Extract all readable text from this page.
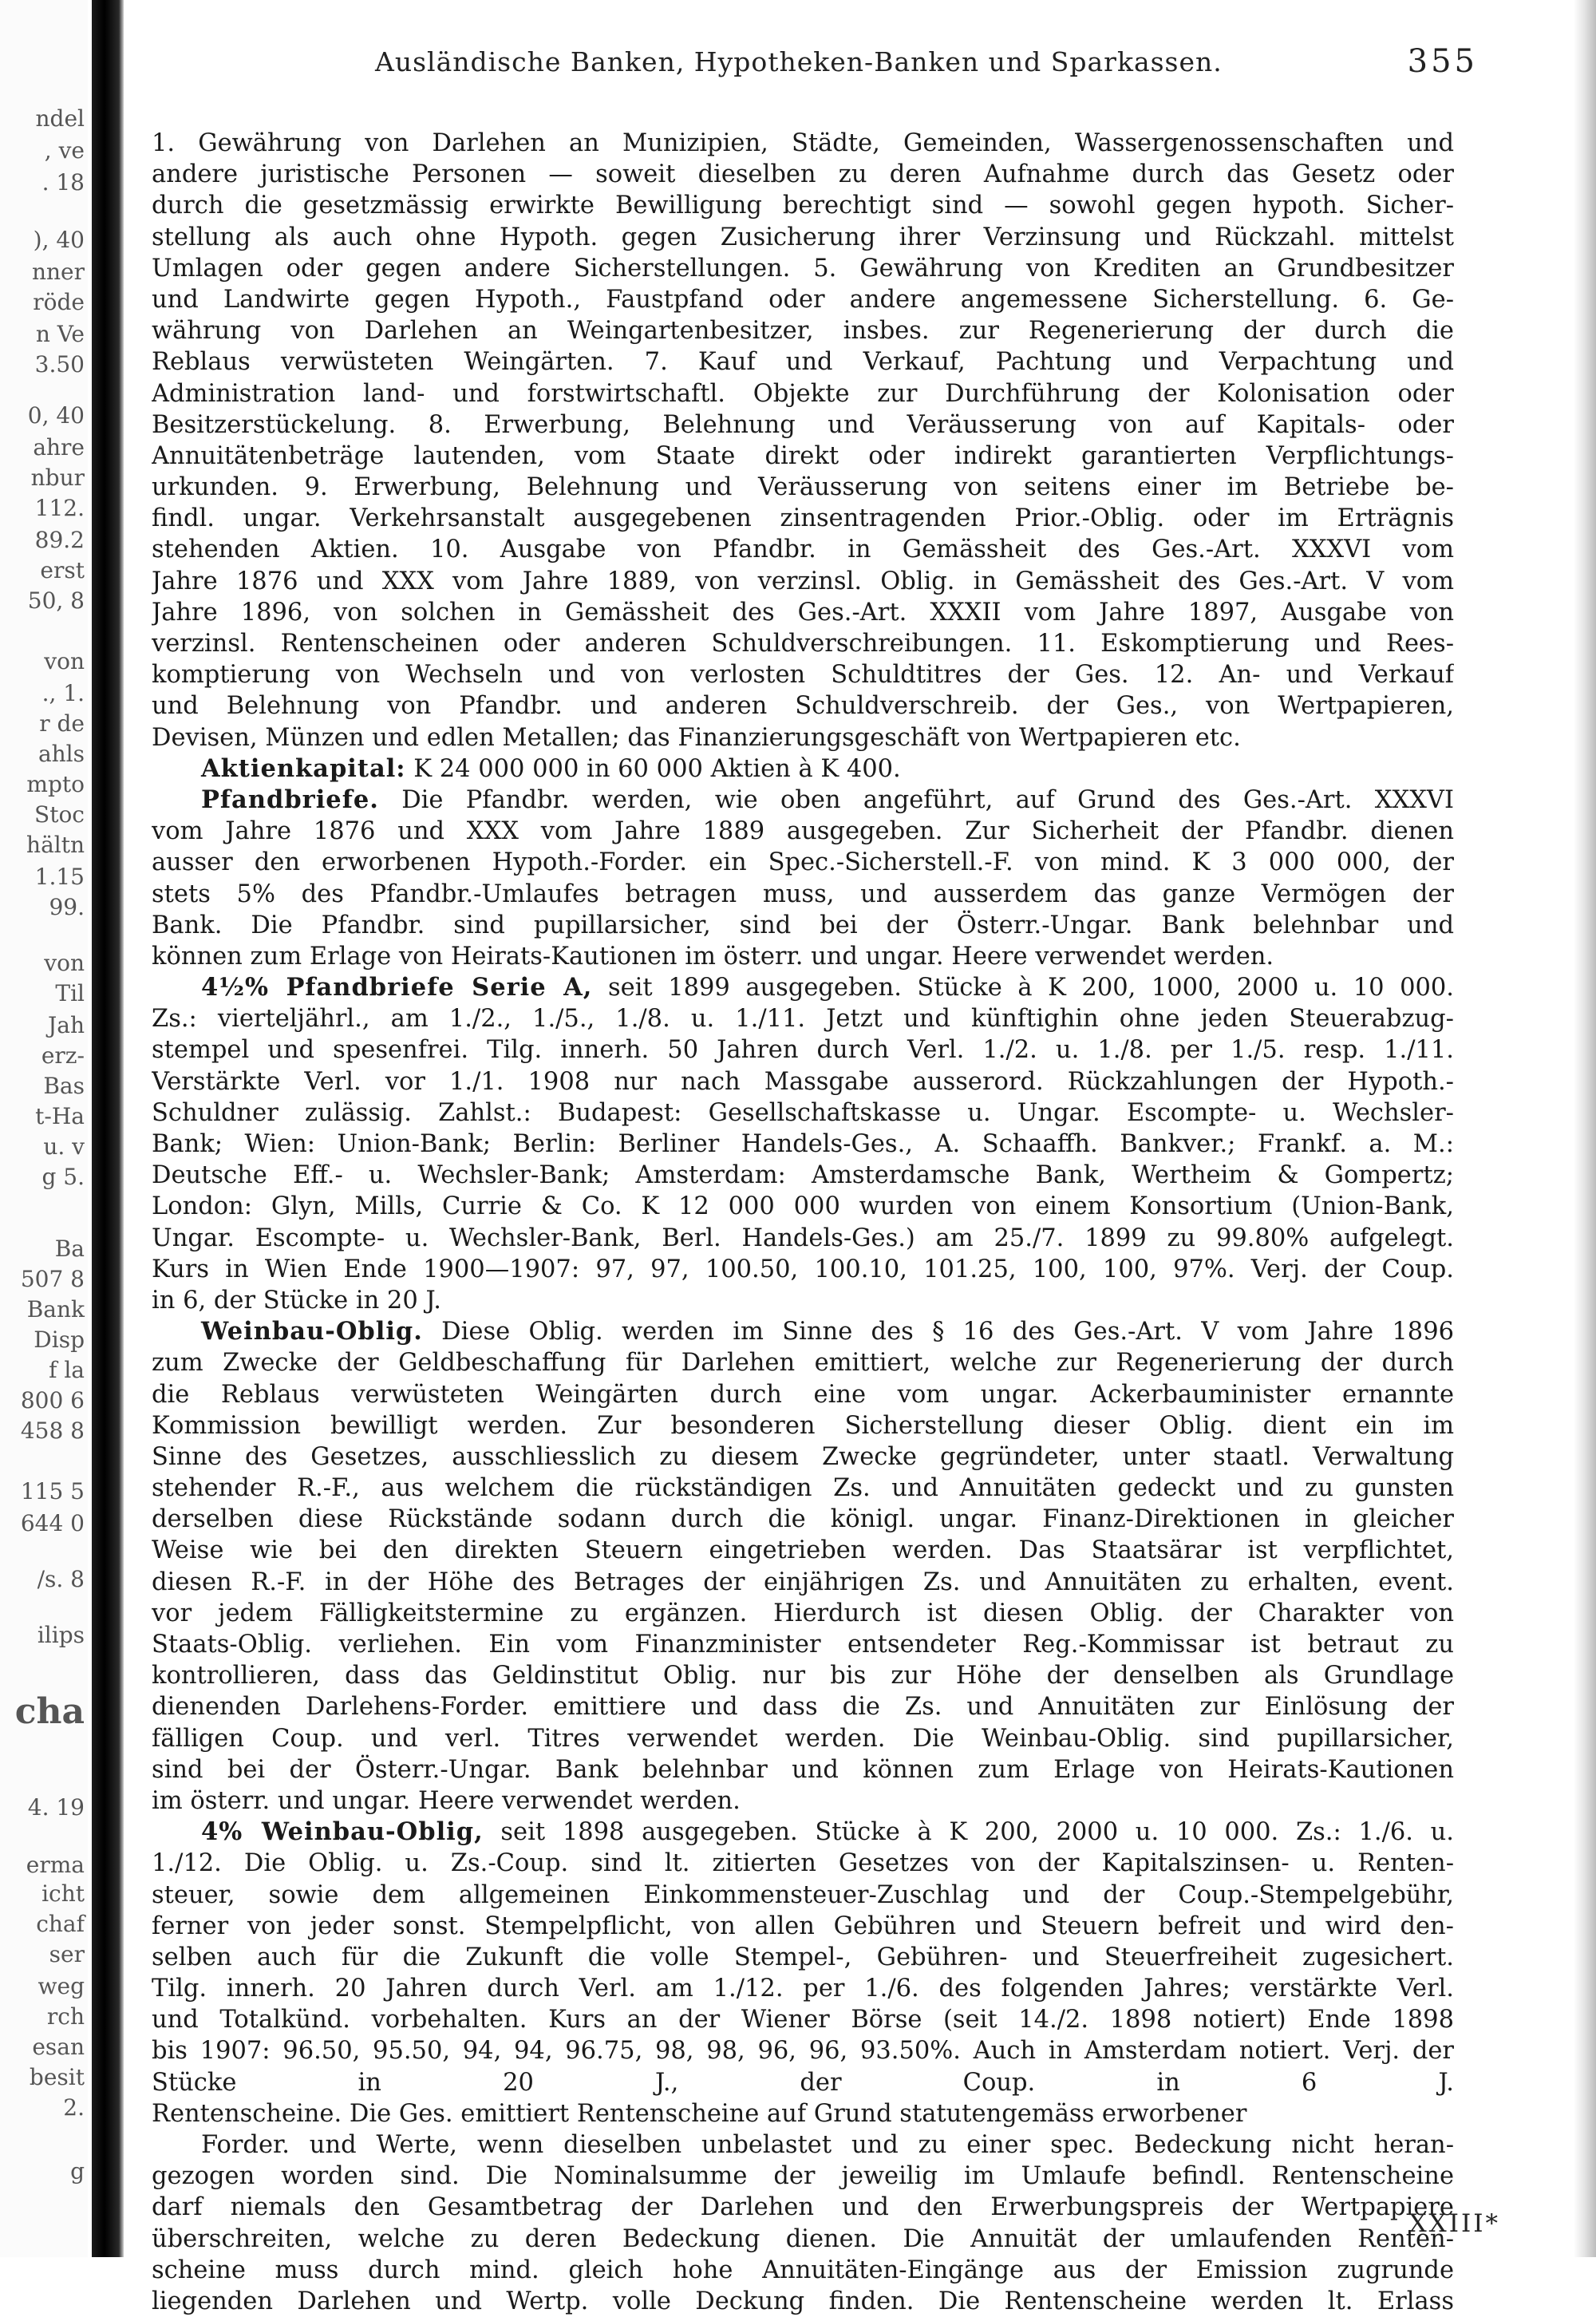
ndel
, ve
. 18
), 40
nner
röde
n Ve
3.50
0, 40
ahre
nbur
112.
89.2
erst
50, 8
von
., 1.
r de
ahls
mpto
Stoc
hältn
1.15
99.
von
Til
Jah
erz-
Bas
t-Ha
u. v
g 5.
Ba
507 8
Bank
Disp
f la
800 6
458 8
115 5
644 0
/s. 8
ilips
cha
4. 19
erma
icht
chaf
ser
weg
rch
esan
besit
2.
g
Ausländische Banken, Hypotheken-Banken und Sparkassen.	355
1. Gewährung von Darlehen an Munizipien, Städte, Gemeinden, Wassergenossenschaften und
andere juristische Personen — soweit dieselben zu deren Aufnahme durch das Gesetz oder
durch die gesetzmässig erwirkte Bewilligung berechtigt sind — sowohl gegen hypoth. Sicher-
stellung als auch ohne Hypoth. gegen Zusicherung ihrer Verzinsung und Rückzahl. mittelst
Umlagen oder gegen andere Sicherstellungen. 5. Gewährung von Krediten an Grundbesitzer
und Landwirte gegen Hypoth., Faustpfand oder andere angemessene Sicherstellung. 6. Ge-
währung von Darlehen an Weingartenbesitzer, insbes. zur Regenerierung der durch die
Reblaus verwüsteten Weingärten. 7. Kauf und Verkauf, Pachtung und Verpachtung und
Administration land- und forstwirtschaftl. Objekte zur Durchführung der Kolonisation oder
Besitzerstückelung. 8. Erwerbung, Belehnung und Veräusserung von auf Kapitals- oder
Annuitätenbeträge lautenden, vom Staate direkt oder indirekt garantierten Verpflichtungs-
urkunden. 9. Erwerbung, Belehnung und Veräusserung von seitens einer im Betriebe be-
findl. ungar. Verkehrsanstalt ausgegebenen zinsentragenden Prior.-Oblig. oder im Erträgnis
stehenden Aktien. 10. Ausgabe von Pfandbr. in Gemässheit des Ges.-Art. XXXVI vom
Jahre 1876 und XXX vom Jahre 1889, von verzinsl. Oblig. in Gemässheit des Ges.-Art. V vom
Jahre 1896, von solchen in Gemässheit des Ges.-Art. XXXII vom Jahre 1897, Ausgabe von
verzinsl. Rentenscheinen oder anderen Schuldverschreibungen. 11. Eskomptierung und Rees-
komptierung von Wechseln und von verlosten Schuldtitres der Ges. 12. An- und Verkauf
und Belehnung von Pfandbr. und anderen Schuldverschreib. der Ges., von Wertpapieren,
Devisen, Münzen und edlen Metallen; das Finanzierungsgeschäft von Wertpapieren etc.
Aktienkapital: K 24 000 000 in 60 000 Aktien à K 400.
Pfandbriefe. Die Pfandbr. werden, wie oben angeführt, auf Grund des Ges.-Art. XXXVI
vom Jahre 1876 und XXX vom Jahre 1889 ausgegeben. Zur Sicherheit der Pfandbr. dienen
ausser den erworbenen Hypoth.-Forder. ein Spec.-Sicherstell.-F. von mind. K 3 000 000, der
stets 5% des Pfandbr.-Umlaufes betragen muss, und ausserdem das ganze Vermögen der
Bank. Die Pfandbr. sind pupillarsicher, sind bei der Österr.-Ungar. Bank belehnbar und
können zum Erlage von Heirats-Kautionen im österr. und ungar. Heere verwendet werden.
4½% Pfandbriefe Serie A, seit 1899 ausgegeben. Stücke à K 200, 1000, 2000 u. 10 000.
Zs.: vierteljährl., am 1./2., 1./5., 1./8. u. 1./11. Jetzt und künftighin ohne jeden Steuerabzug-
stempel und spesenfrei. Tilg. innerh. 50 Jahren durch Verl. 1./2. u. 1./8. per 1./5. resp. 1./11.
Verstärkte Verl. vor 1./1. 1908 nur nach Massgabe ausserord. Rückzahlungen der Hypoth.-
Schuldner zulässig. Zahlst.: Budapest: Gesellschaftskasse u. Ungar. Escompte- u. Wechsler-
Bank; Wien: Union-Bank; Berlin: Berliner Handels-Ges., A. Schaaffh. Bankver.; Frankf. a. M.:
Deutsche Eff.- u. Wechsler-Bank; Amsterdam: Amsterdamsche Bank, Wertheim & Gompertz;
London: Glyn, Mills, Currie & Co. K 12 000 000 wurden von einem Konsortium (Union-Bank,
Ungar. Escompte- u. Wechsler-Bank, Berl. Handels-Ges.) am 25./7. 1899 zu 99.80% aufgelegt.
Kurs in Wien Ende 1900—1907: 97, 97, 100.50, 100.10, 101.25, 100, 100, 97%. Verj. der Coup.
in 6, der Stücke in 20 J.
Weinbau-Oblig. Diese Oblig. werden im Sinne des § 16 des Ges.-Art. V vom Jahre 1896
zum Zwecke der Geldbeschaffung für Darlehen emittiert, welche zur Regenerierung der durch
die Reblaus verwüsteten Weingärten durch eine vom ungar. Ackerbauminister ernannte
Kommission bewilligt werden. Zur besonderen Sicherstellung dieser Oblig. dient ein im
Sinne des Gesetzes, ausschliesslich zu diesem Zwecke gegründeter, unter staatl. Verwaltung
stehender R.-F., aus welchem die rückständigen Zs. und Annuitäten gedeckt und zu gunsten
derselben diese Rückstände sodann durch die königl. ungar. Finanz-Direktionen in gleicher
Weise wie bei den direkten Steuern eingetrieben werden. Das Staatsärar ist verpflichtet,
diesen R.-F. in der Höhe des Betrages der einjährigen Zs. und Annuitäten zu erhalten, event.
vor jedem Fälligkeitstermine zu ergänzen. Hierdurch ist diesen Oblig. der Charakter von
Staats-Oblig. verliehen. Ein vom Finanzminister entsendeter Reg.-Kommissar ist betraut zu
kontrollieren, dass das Geldinstitut Oblig. nur bis zur Höhe der denselben als Grundlage
dienenden Darlehens-Forder. emittiere und dass die Zs. und Annuitäten zur Einlösung der
fälligen Coup. und verl. Titres verwendet werden. Die Weinbau-Oblig. sind pupillarsicher,
sind bei der Österr.-Ungar. Bank belehnbar und können zum Erlage von Heirats-Kautionen
im österr. und ungar. Heere verwendet werden.
4% Weinbau-Oblig, seit 1898 ausgegeben. Stücke à K 200, 2000 u. 10 000. Zs.: 1./6. u.
1./12. Die Oblig. u. Zs.-Coup. sind lt. zitierten Gesetzes von der Kapitalszinsen- u. Renten-
steuer, sowie dem allgemeinen Einkommensteuer-Zuschlag und der Coup.-Stempelgebühr,
ferner von jeder sonst. Stempelpflicht, von allen Gebühren und Steuern befreit und wird den-
selben auch für die Zukunft die volle Stempel-, Gebühren- und Steuerfreiheit zugesichert.
Tilg. innerh. 20 Jahren durch Verl. am 1./12. per 1./6. des folgenden Jahres; verstärkte Verl.
und Totalkünd. vorbehalten. Kurs an der Wiener Börse (seit 14./2. 1898 notiert) Ende 1898
bis 1907: 96.50, 95.50, 94, 94, 96.75, 98, 98, 96, 96, 93.50%. Auch in Amsterdam notiert. Verj. der
Stücke in 20 J., der Coup. in 6 J.
Rentenscheine. Die Ges. emittiert Rentenscheine auf Grund statutengemäss erworbener
Forder. und Werte, wenn dieselben unbelastet und zu einer spec. Bedeckung nicht heran-
gezogen worden sind. Die Nominalsumme der jeweilig im Umlaufe befindl. Rentenscheine
darf niemals den Gesamtbetrag der Darlehen und den Erwerbungspreis der Wertpapiere
überschreiten, welche zu deren Bedeckung dienen. Die Annuität der umlaufenden Renten-
scheine muss durch mind. gleich hohe Annuitäten-Eingänge aus der Emission zugrunde
liegenden Darlehen und Wertp. volle Deckung finden. Die Rentenscheine werden lt. Erlass
XXIII*
